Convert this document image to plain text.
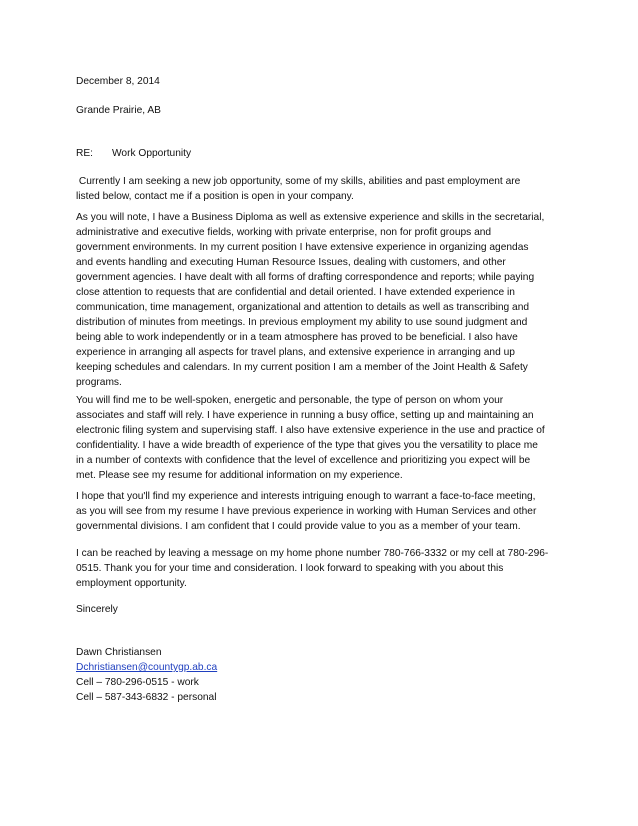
December 8, 2014
Grande Prairie, AB
RE: Work Opportunity
Currently I am seeking a new job opportunity, some of my skills, abilities and past employment are
listed below, contact me if a position is open in your company.
As you will note, I have a Business Diploma as well as extensive experience and skills in the secretarial,
administrative and executive fields, working with private enterprise, non for profit groups and
government environments. In my current position I have extensive experience in organizing agendas
and events handling and executing Human Resource Issues, dealing with customers, and other
government agencies. I have dealt with all forms of drafting correspondence and reports; while paying
close attention to requests that are confidential and detail oriented. I have extended experience in
communication, time management, organizational and attention to details as well as transcribing and
distribution of minutes from meetings. In previous employment my ability to use sound judgment and
being able to work independently or in a team atmosphere has proved to be beneficial. I also have
experience in arranging all aspects for travel plans, and extensive experience in arranging and up
keeping schedules and calendars. In my current position I am a member of the Joint Health & Safety
programs.
You will find me to be well-spoken, energetic and personable, the type of person on whom your
associates and staff will rely. I have experience in running a busy office, setting up and maintaining an
electronic filing system and supervising staff. I also have extensive experience in the use and practice of
confidentiality. I have a wide breadth of experience of the type that gives you the versatility to place me
in a number of contexts with confidence that the level of excellence and prioritizing you expect will be
met. Please see my resume for additional information on my experience.
I hope that you'll find my experience and interests intriguing enough to warrant a face-to-face meeting,
as you will see from my resume I have previous experience in working with Human Services and other
governmental divisions. I am confident that I could provide value to you as a member of your team.
I can be reached by leaving a message on my home phone number 780-766-3332 or my cell at 780-296-
0515. Thank you for your time and consideration. I look forward to speaking with you about this
employment opportunity.
Sincerely
Dawn Christiansen
Dchristiansen@countygp.ab.ca
Cell – 780-296-0515 - work
Cell – 587-343-6832 - personal
